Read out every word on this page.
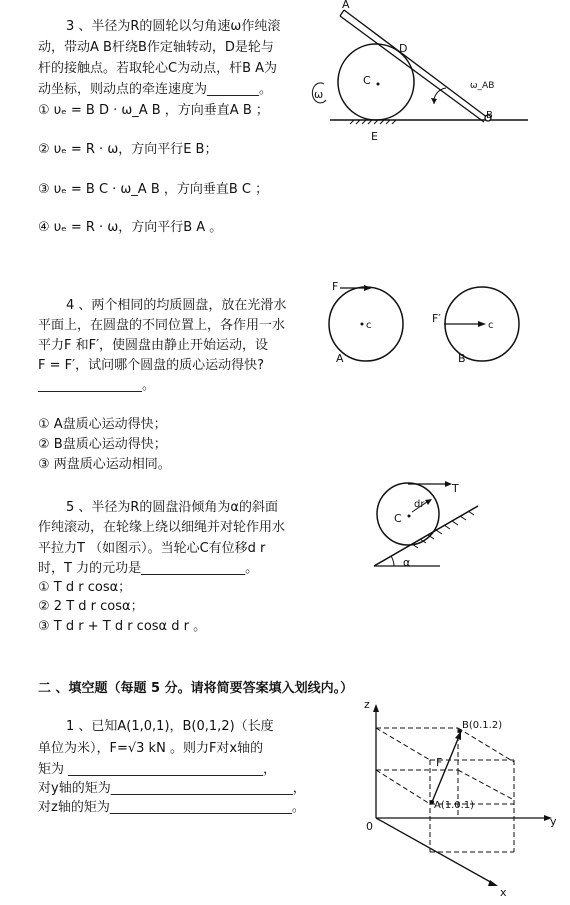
3 、半径为R的圆轮以匀角速ω作纯滚
动，带动A B杆绕B作定轴转动，D是轮与
杆的接触点。若取轮心C为动点，杆B A为
动坐标，则动点的牵连速度为________。
① υₑ = B D · ω_A B ，方向垂直A B ；
② υₑ = R · ω，方向平行E B；
③ υₑ = B C · ω_A B ，方向垂直B C ；
④ υₑ = R · ω，方向平行B A 。
A
D
C
E
B
ω
ω_AB
4 、两个相同的均质圆盘，放在光滑水
平面上，在圆盘的不同位置上，各作用一水
平力F 和F′，使圆盘由静止开始运动，设
F = F′，试问哪个圆盘的质心运动得快?
________________。
① A盘质心运动得快；
② B盘质心运动得快；
③ 两盘质心运动相同。
F
F′
c	c
A	B
5 、半径为R的圆盘沿倾角为α的斜面
作纯滚动，在轮缘上绕以细绳并对轮作用水
平拉力T （如图示）。当轮心C有位移d r
时，T 力的元功是________________。
① T d r cosα；
② 2 T d r cosα；
③ T d r + T d r cosα d r 。
T
dr
C
α
二 、填空题（每题 5 分。请将简要答案填入划线内。）
1 、已知A(1,0,1)，B(0,1,2)（长度
单位为米），F=√3 kN 。则力F对x轴的
矩为 ______________________________，
对y轴的矩为____________________________，
对z轴的矩为____________________________。
z
y
x
0
B(0.1.2)
A(1.0.1)
F
